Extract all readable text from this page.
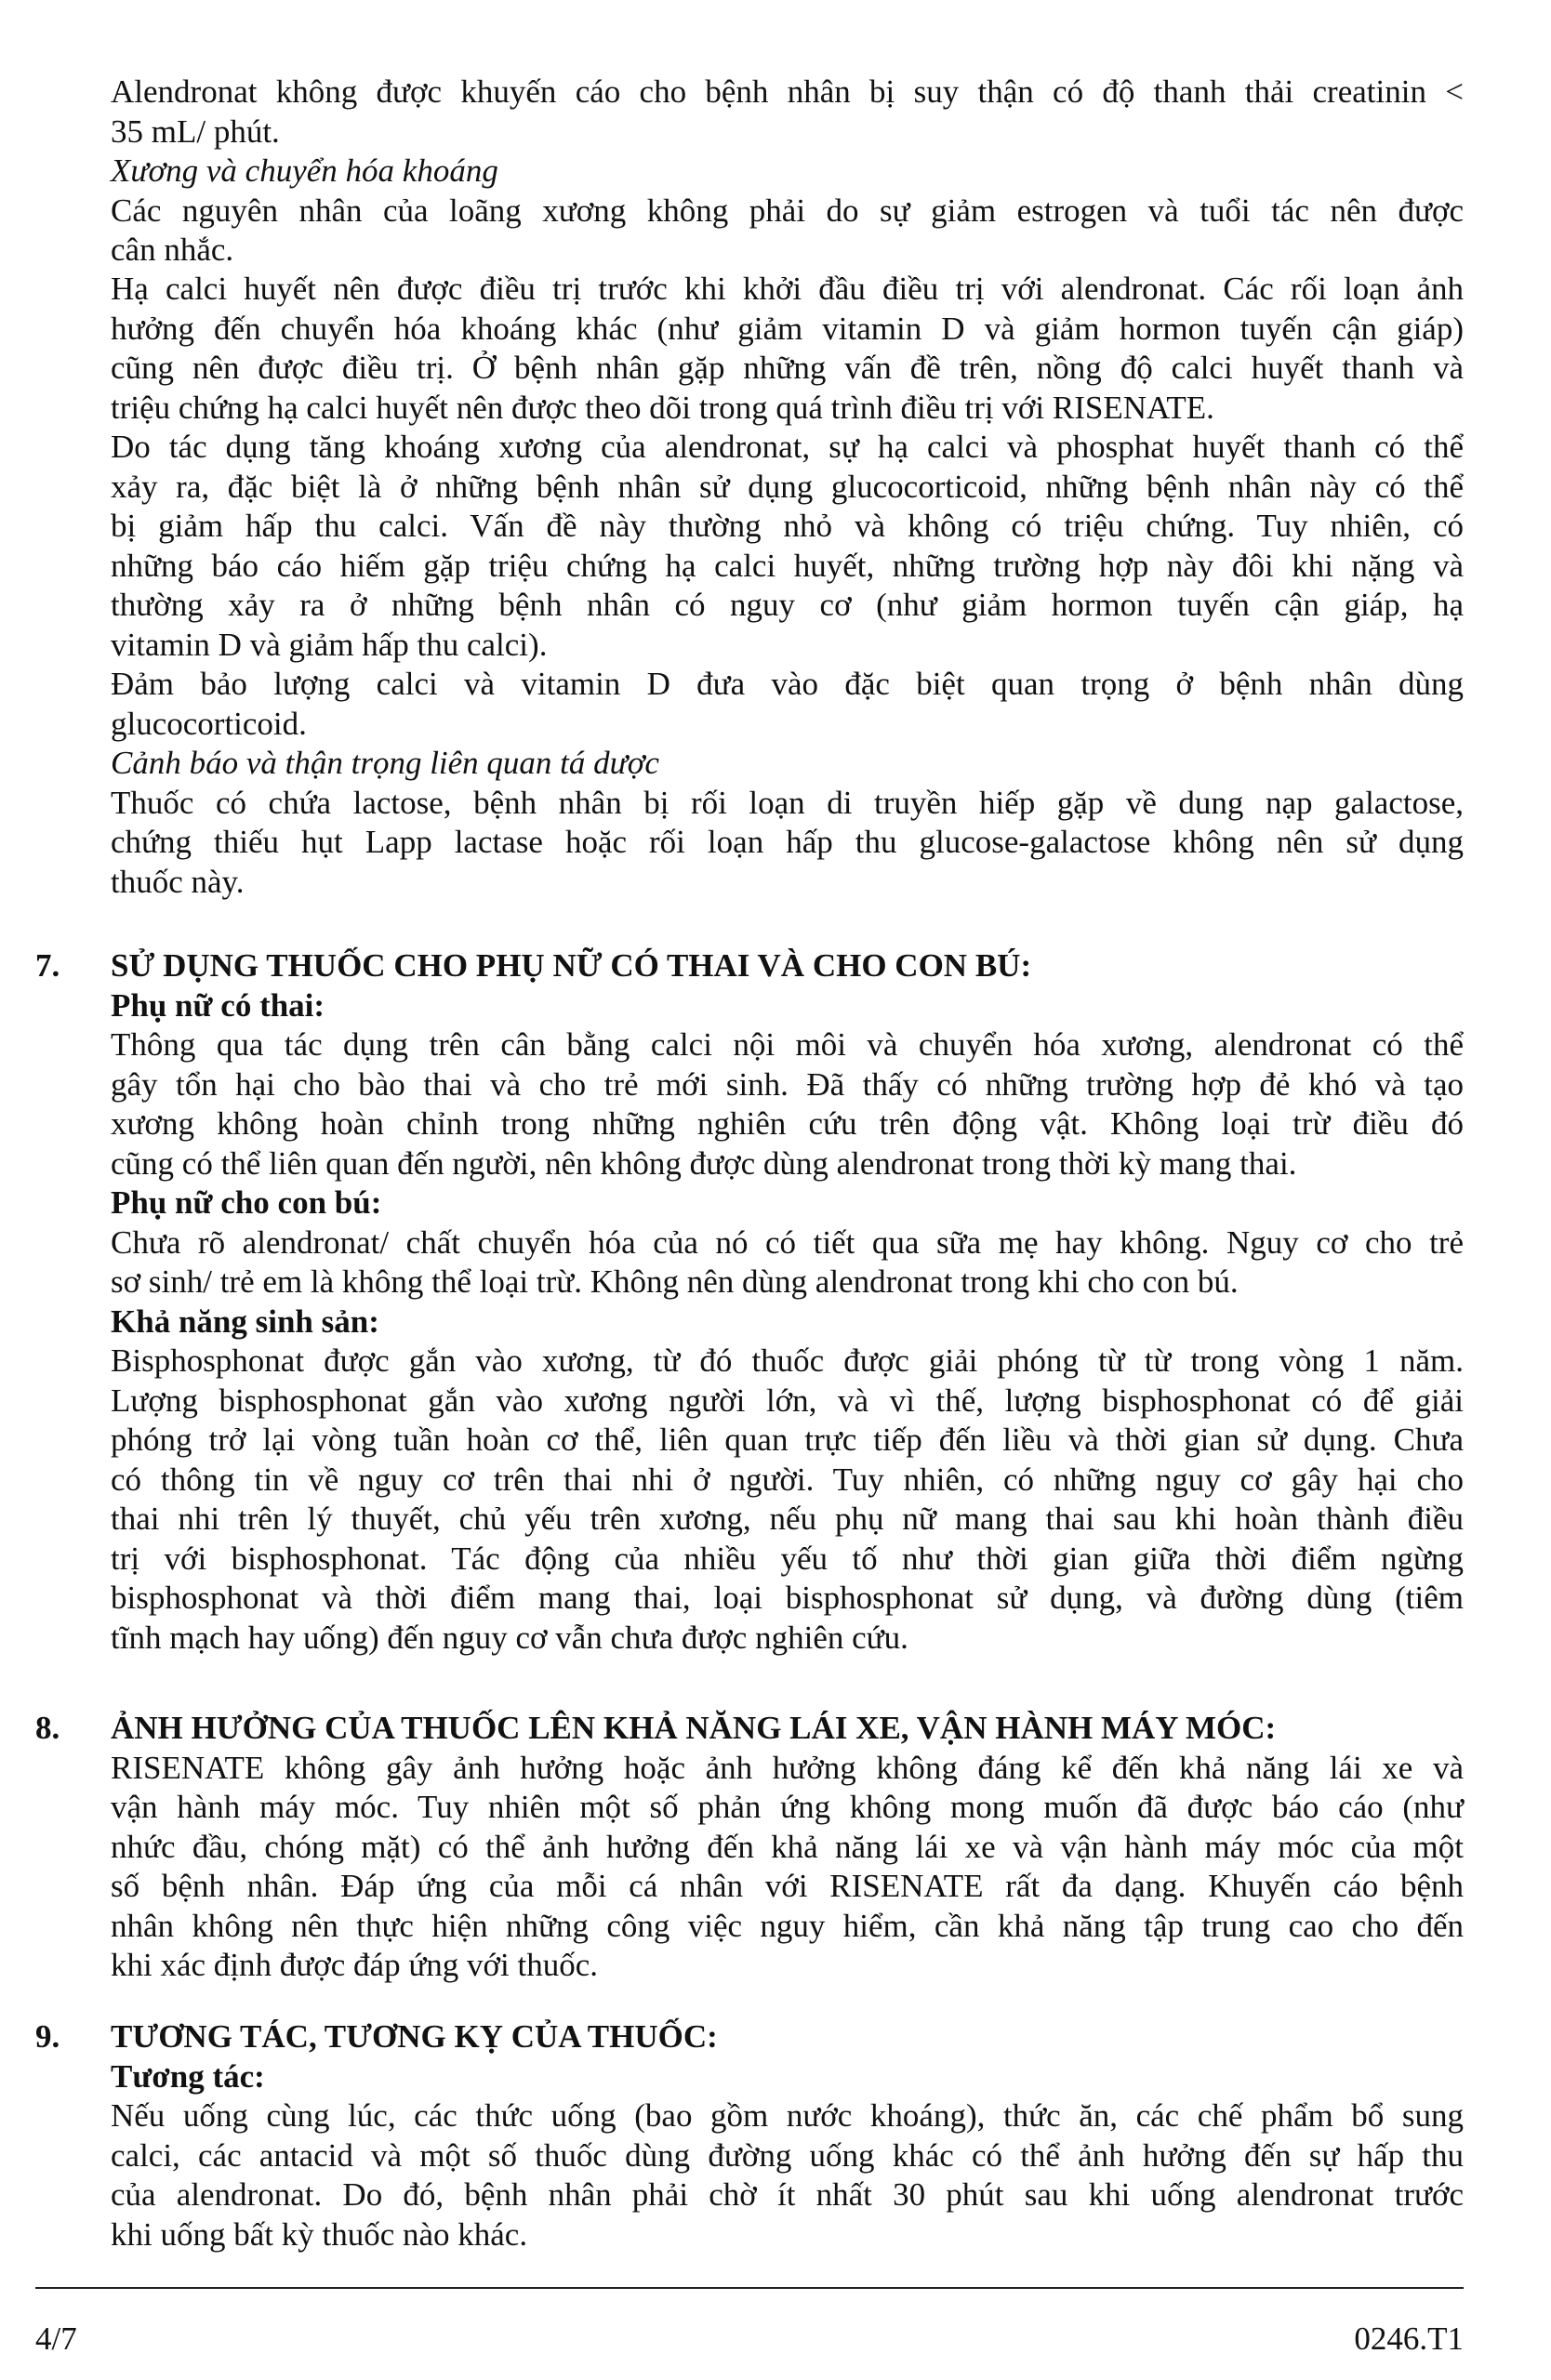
Alendronat không được khuyến cáo cho bệnh nhân bị suy thận có độ thanh thải creatinin <
35 mL/ phút.
Xương và chuyển hóa khoáng
Các nguyên nhân của loãng xương không phải do sự giảm estrogen và tuổi tác nên được
cân nhắc.
Hạ calci huyết nên được điều trị trước khi khởi đầu điều trị với alendronat. Các rối loạn ảnh
hưởng đến chuyển hóa khoáng khác (như giảm vitamin D và giảm hormon tuyến cận giáp)
cũng nên được điều trị. Ở bệnh nhân gặp những vấn đề trên, nồng độ calci huyết thanh và
triệu chứng hạ calci huyết nên được theo dõi trong quá trình điều trị với RISENATE.
Do tác dụng tăng khoáng xương của alendronat, sự hạ calci và phosphat huyết thanh có thể
xảy ra, đặc biệt là ở những bệnh nhân sử dụng glucocorticoid, những bệnh nhân này có thể
bị giảm hấp thu calci. Vấn đề này thường nhỏ và không có triệu chứng. Tuy nhiên, có
những báo cáo hiếm gặp triệu chứng hạ calci huyết, những trường hợp này đôi khi nặng và
thường xảy ra ở những bệnh nhân có nguy cơ (như giảm hormon tuyến cận giáp, hạ
vitamin D và giảm hấp thu calci).
Đảm bảo lượng calci và vitamin D đưa vào đặc biệt quan trọng ở bệnh nhân dùng
glucocorticoid.
Cảnh báo và thận trọng liên quan tá dược
Thuốc có chứa lactose, bệnh nhân bị rối loạn di truyền hiếp gặp về dung nạp galactose,
chứng thiếu hụt Lapp lactase hoặc rối loạn hấp thu glucose-galactose không nên sử dụng
thuốc này.
7. SỬ DỤNG THUỐC CHO PHỤ NỮ CÓ THAI VÀ CHO CON BÚ:
Phụ nữ có thai:
Thông qua tác dụng trên cân bằng calci nội môi và chuyển hóa xương, alendronat có thể
gây tổn hại cho bào thai và cho trẻ mới sinh. Đã thấy có những trường hợp đẻ khó và tạo
xương không hoàn chỉnh trong những nghiên cứu trên động vật. Không loại trừ điều đó
cũng có thể liên quan đến người, nên không được dùng alendronat trong thời kỳ mang thai.
Phụ nữ cho con bú:
Chưa rõ alendronat/ chất chuyển hóa của nó có tiết qua sữa mẹ hay không. Nguy cơ cho trẻ
sơ sinh/ trẻ em là không thể loại trừ. Không nên dùng alendronat trong khi cho con bú.
Khả năng sinh sản:
Bisphosphonat được gắn vào xương, từ đó thuốc được giải phóng từ từ trong vòng 1 năm.
Lượng bisphosphonat gắn vào xương người lớn, và vì thế, lượng bisphosphonat có để giải
phóng trở lại vòng tuần hoàn cơ thể, liên quan trực tiếp đến liều và thời gian sử dụng. Chưa
có thông tin về nguy cơ trên thai nhi ở người. Tuy nhiên, có những nguy cơ gây hại cho
thai nhi trên lý thuyết, chủ yếu trên xương, nếu phụ nữ mang thai sau khi hoàn thành điều
trị với bisphosphonat. Tác động của nhiều yếu tố như thời gian giữa thời điểm ngừng
bisphosphonat và thời điểm mang thai, loại bisphosphonat sử dụng, và đường dùng (tiêm
tĩnh mạch hay uống) đến nguy cơ vẫn chưa được nghiên cứu.
8. ẢNH HƯỞNG CỦA THUỐC LÊN KHẢ NĂNG LÁI XE, VẬN HÀNH MÁY MÓC:
RISENATE không gây ảnh hưởng hoặc ảnh hưởng không đáng kể đến khả năng lái xe và
vận hành máy móc. Tuy nhiên một số phản ứng không mong muốn đã được báo cáo (như
nhức đầu, chóng mặt) có thể ảnh hưởng đến khả năng lái xe và vận hành máy móc của một
số bệnh nhân. Đáp ứng của mỗi cá nhân với RISENATE rất đa dạng. Khuyến cáo bệnh
nhân không nên thực hiện những công việc nguy hiểm, cần khả năng tập trung cao cho đến
khi xác định được đáp ứng với thuốc.
9. TƯƠNG TÁC, TƯƠNG KỴ CỦA THUỐC:
Tương tác:
Nếu uống cùng lúc, các thức uống (bao gồm nước khoáng), thức ăn, các chế phẩm bổ sung
calci, các antacid và một số thuốc dùng đường uống khác có thể ảnh hưởng đến sự hấp thu
của alendronat. Do đó, bệnh nhân phải chờ ít nhất 30 phút sau khi uống alendronat trước
khi uống bất kỳ thuốc nào khác.
4/7	0246.T1
